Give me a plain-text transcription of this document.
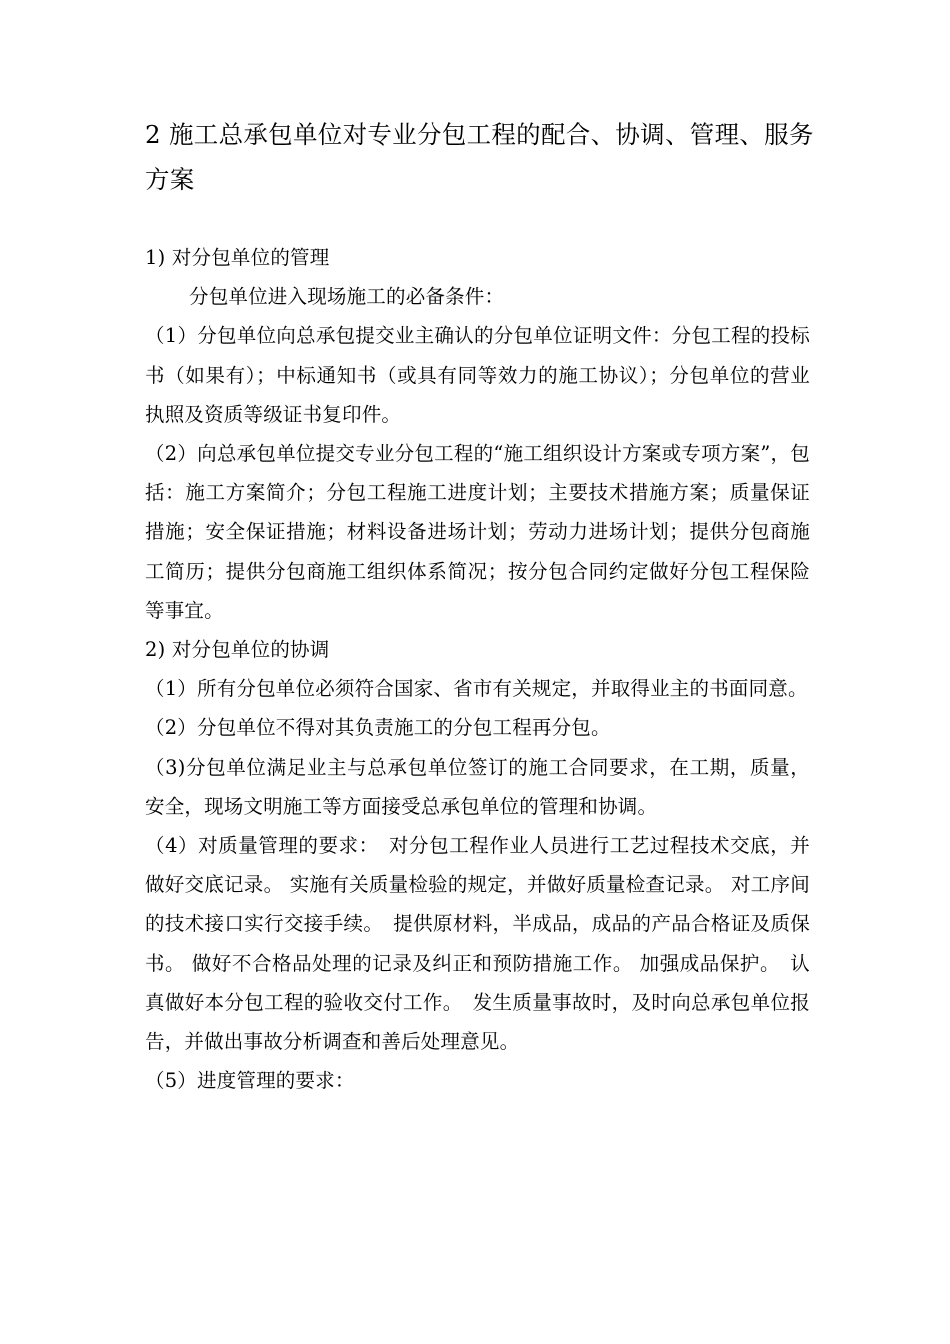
2 施工总承包单位对专业分包工程的配合、协调、管理、服务方案

1) 对分包单位的管理

分包单位进入现场施工的必备条件：

（1）分包单位向总承包提交业主确认的分包单位证明文件：分包工程的投标书（如果有）；中标通知书（或具有同等效力的施工协议）；分包单位的营业执照及资质等级证书复印件。

（2）向总承包单位提交专业分包工程的“施工组织设计方案或专项方案”，包括：施工方案简介；分包工程施工进度计划；主要技术措施方案；质量保证措施；安全保证措施；材料设备进场计划；劳动力进场计划；提供分包商施工简历；提供分包商施工组织体系简况；按分包合同约定做好分包工程保险等事宜。

2) 对分包单位的协调

（1）所有分包单位必须符合国家、省市有关规定，并取得业主的书面同意。

（2）分包单位不得对其负责施工的分包工程再分包。

（3)分包单位满足业主与总承包单位签订的施工合同要求，在工期，质量，安全，现场文明施工等方面接受总承包单位的管理和协调。

（4）对质量管理的要求：　对分包工程作业人员进行工艺过程技术交底，并做好交底记录。 实施有关质量检验的规定，并做好质量检查记录。 对工序间的技术接口实行交接手续。　提供原材料，半成品，成品的产品合格证及质保书。 做好不合格品处理的记录及纠正和预防措施工作。 加强成品保护。　认真做好本分包工程的验收交付工作。　发生质量事故时，及时向总承包单位报告，并做出事故分析调查和善后处理意见。

（5）进度管理的要求：
